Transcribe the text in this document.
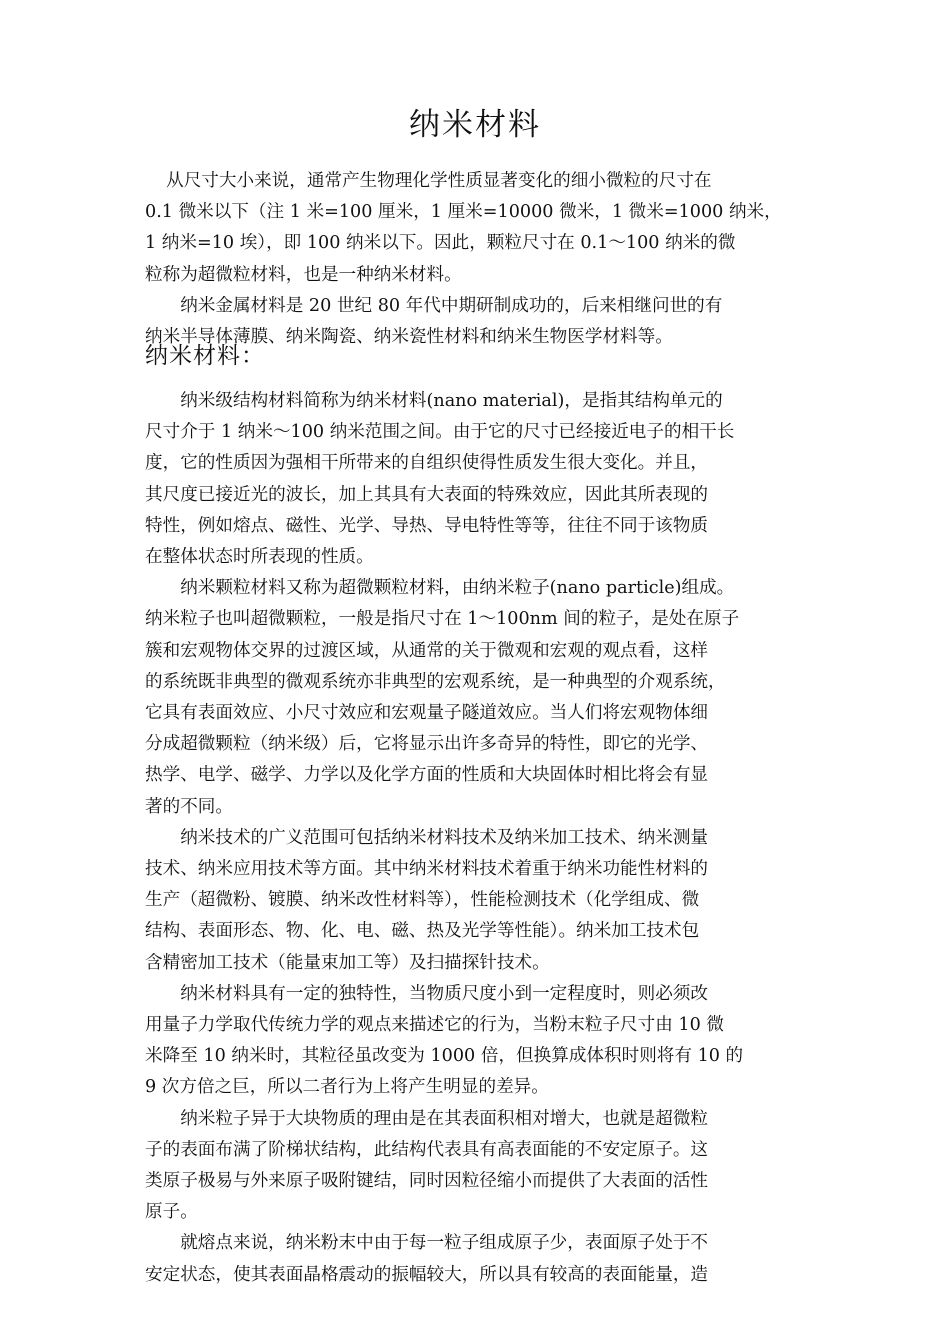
纳米材料

从尺寸大小来说，通常产生物理化学性质显著变化的细小微粒的尺寸在
0.1 微米以下（注 1 米=100 厘米，1 厘米=10000 微米，1 微米=1000 纳米，
1 纳米=10 埃），即 100 纳米以下。因此，颗粒尺寸在 0.1～100 纳米的微
粒称为超微粒材料，也是一种纳米材料。

纳米金属材料是 20 世纪 80 年代中期研制成功的，后来相继问世的有
纳米半导体薄膜、纳米陶瓷、纳米瓷性材料和纳米生物医学材料等。

纳米材料：

纳米级结构材料简称为纳米材料(nano material)，是指其结构单元的
尺寸介于 1 纳米～100 纳米范围之间。由于它的尺寸已经接近电子的相干长
度，它的性质因为强相干所带来的自组织使得性质发生很大变化。并且，
其尺度已接近光的波长，加上其具有大表面的特殊效应，因此其所表现的
特性，例如熔点、磁性、光学、导热、导电特性等等，往往不同于该物质
在整体状态时所表现的性质。

纳米颗粒材料又称为超微颗粒材料，由纳米粒子(nano particle)组成。
纳米粒子也叫超微颗粒，一般是指尺寸在 1～100nm 间的粒子，是处在原子
簇和宏观物体交界的过渡区域，从通常的关于微观和宏观的观点看，这样
的系统既非典型的微观系统亦非典型的宏观系统，是一种典型的介观系统，
它具有表面效应、小尺寸效应和宏观量子隧道效应。当人们将宏观物体细
分成超微颗粒（纳米级）后，它将显示出许多奇异的特性，即它的光学、
热学、电学、磁学、力学以及化学方面的性质和大块固体时相比将会有显
著的不同。

纳米技术的广义范围可包括纳米材料技术及纳米加工技术、纳米测量
技术、纳米应用技术等方面。其中纳米材料技术着重于纳米功能性材料的
生产（超微粉、镀膜、纳米改性材料等），性能检测技术（化学组成、微
结构、表面形态、物、化、电、磁、热及光学等性能）。纳米加工技术包
含精密加工技术（能量束加工等）及扫描探针技术。

纳米材料具有一定的独特性，当物质尺度小到一定程度时，则必须改
用量子力学取代传统力学的观点来描述它的行为，当粉末粒子尺寸由 10 微
米降至 10 纳米时，其粒径虽改变为 1000 倍，但换算成体积时则将有 10 的
9 次方倍之巨，所以二者行为上将产生明显的差异。

纳米粒子异于大块物质的理由是在其表面积相对增大，也就是超微粒
子的表面布满了阶梯状结构，此结构代表具有高表面能的不安定原子。这
类原子极易与外来原子吸附键结，同时因粒径缩小而提供了大表面的活性
原子。

就熔点来说，纳米粉末中由于每一粒子组成原子少，表面原子处于不
安定状态，使其表面晶格震动的振幅较大，所以具有较高的表面能量，造
